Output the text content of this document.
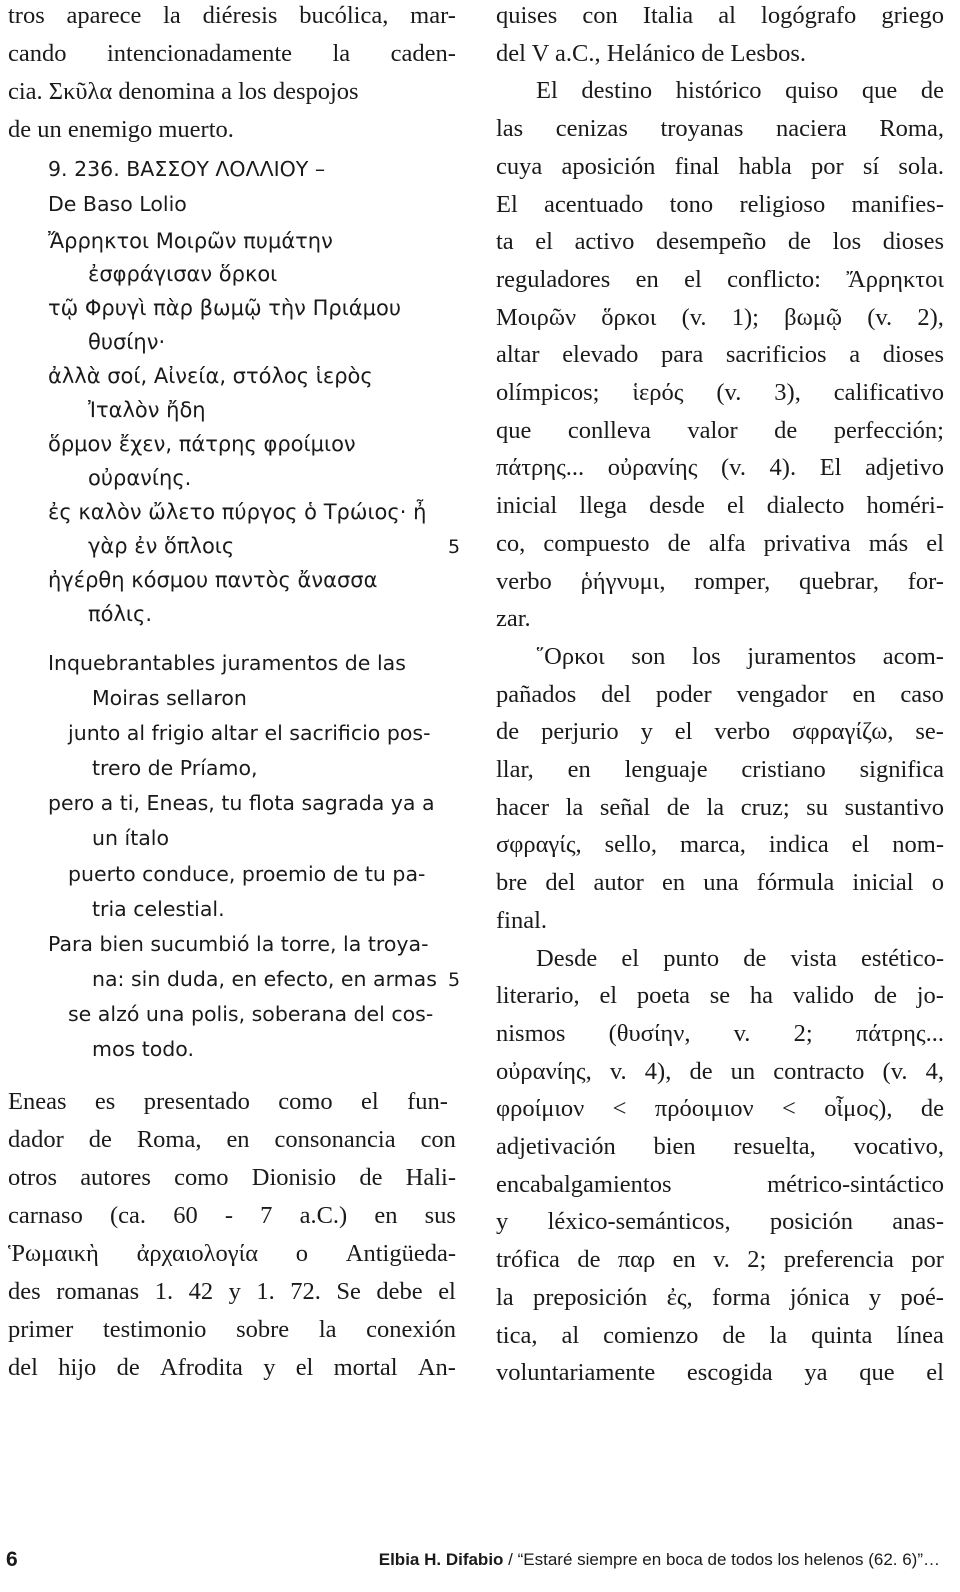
tros aparece la diéresis bucólica, mar-
cando intencionadamente la caden-
cia. Σκῦλα denomina a los despojos
de un enemigo muerto.
9. 236. ΒΑΣΣΟΥ ΛΟΛΛΙΟΥ –
De Baso Lolio
Ἄρρηκτοι Μοιρῶν πυμάτην
ἐσφράγισαν ὅρκοι
τῷ Φρυγὶ πὰρ βωμῷ τὴν Πριάμου
θυσίην·
ἀλλὰ σοί, Αἰνεία, στόλος ἱερὸς
Ἰταλὸν ἤδη
ὅρμον ἔχεν, πάτρης φροίμιον
οὐρανίης.
ἐς καλὸν ὤλετο πύργος ὁ Τρώιος· ἦ
γὰρ ἐν ὅπλοις	5
ἠγέρθη κόσμου παντὸς ἄνασσα
πόλις.
Inquebrantables juramentos de las
Moiras sellaron
junto al frigio altar el sacrificio pos-
trero de Príamo,
pero a ti, Eneas, tu flota sagrada ya a
un ítalo
puerto conduce, proemio de tu pa-
tria celestial.
Para bien sucumbió la torre, la troya-
na: sin duda, en efecto, en armas 5
se alzó una polis, soberana del cos-
mos todo.
Eneas es presentado como el fun-
dador de Roma, en consonancia con
otros autores como Dionisio de Hali-
carnaso (ca. 60 - 7 a.C.) en sus
Ῥωμαικὴ ἀρχαιολογία o Antigüeda-
des romanas 1. 42 y 1. 72. Se debe el
primer testimonio sobre la conexión
del hijo de Afrodita y el mortal An-
quises con Italia al logógrafo griego
del V a.C., Helánico de Lesbos.
El destino histórico quiso que de
las cenizas troyanas naciera Roma,
cuya aposición final habla por sí sola.
El acentuado tono religioso manifies-
ta el activo desempeño de los dioses
reguladores en el conflicto: Ἄρρηκτοι
Μοιρῶν ὅρκοι (v. 1); βωμῷ (v. 2),
altar elevado para sacrificios a dioses
olímpicos; ἱερός (v. 3), calificativo
que conlleva valor de perfección;
πάτρης... οὐρανίης (v. 4). El adjetivo
inicial llega desde el dialecto homéri-
co, compuesto de alfa privativa más el
verbo ῥήγνυμι, romper, quebrar, for-
zar.
῞Ορκοι son los juramentos acom-
pañados del poder vengador en caso
de perjurio y el verbo σφραγίζω, se-
llar, en lenguaje cristiano significa
hacer la señal de la cruz; su sustantivo
σφραγίς, sello, marca, indica el nom-
bre del autor en una fórmula inicial o
final.
Desde el punto de vista estético-
literario, el poeta se ha valido de jo-
nismos (θυσίην, v. 2; πάτρης...
οὐρανίης, v. 4), de un contracto (v. 4,
φροίμιον < πρόοιμιον < οἶμος), de
adjetivación bien resuelta, vocativo,
encabalgamientos	métrico-sintáctico
y léxico-semánticos, posición anas-
trófica de παρ en v. 2; preferencia por
la preposición ἐς, forma jónica y poé-
tica, al comienzo de la quinta línea
voluntariamente escogida ya que el
6	Elbia H. Difabio / “Estaré siempre en boca de todos los helenos (62. 6)”…
